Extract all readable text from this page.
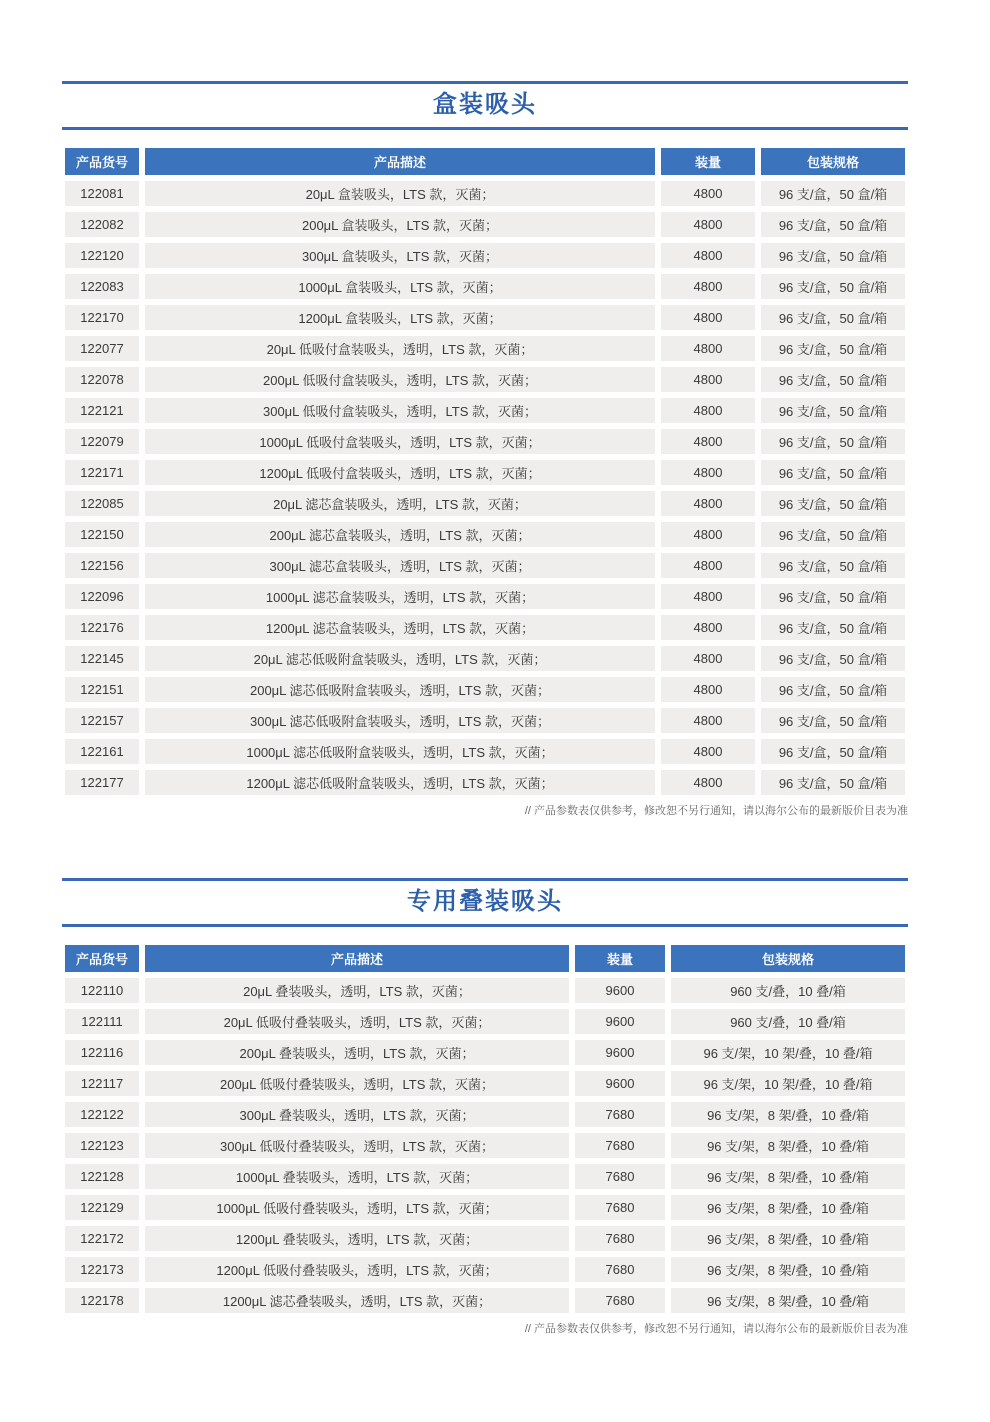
盒装吸头
产品货号	产品描述	装量	包装规格
122081	20μL 盒装吸头，LTS 款，灭菌；	4800	96 支/盒，50 盒/箱
122082	200μL 盒装吸头，LTS 款，灭菌；	4800	96 支/盒，50 盒/箱
122120	300μL 盒装吸头，LTS 款，灭菌；	4800	96 支/盒，50 盒/箱
122083	1000μL 盒装吸头，LTS 款，灭菌；	4800	96 支/盒，50 盒/箱
122170	1200μL 盒装吸头，LTS 款，灭菌；	4800	96 支/盒，50 盒/箱
122077	20μL 低吸付盒装吸头，透明，LTS 款，灭菌；	4800	96 支/盒，50 盒/箱
122078	200μL 低吸付盒装吸头，透明，LTS 款，灭菌；	4800	96 支/盒，50 盒/箱
122121	300μL 低吸付盒装吸头，透明，LTS 款，灭菌；	4800	96 支/盒，50 盒/箱
122079	1000μL 低吸付盒装吸头，透明，LTS 款，灭菌；	4800	96 支/盒，50 盒/箱
122171	1200μL 低吸付盒装吸头，透明，LTS 款，灭菌；	4800	96 支/盒，50 盒/箱
122085	20μL 滤芯盒装吸头，透明，LTS 款，灭菌；	4800	96 支/盒，50 盒/箱
122150	200μL 滤芯盒装吸头，透明，LTS 款，灭菌；	4800	96 支/盒，50 盒/箱
122156	300μL 滤芯盒装吸头，透明，LTS 款，灭菌；	4800	96 支/盒，50 盒/箱
122096	1000μL 滤芯盒装吸头，透明，LTS 款，灭菌；	4800	96 支/盒，50 盒/箱
122176	1200μL 滤芯盒装吸头，透明，LTS 款，灭菌；	4800	96 支/盒，50 盒/箱
122145	20μL 滤芯低吸附盒装吸头，透明，LTS 款，灭菌；	4800	96 支/盒，50 盒/箱
122151	200μL 滤芯低吸附盒装吸头，透明，LTS 款，灭菌；	4800	96 支/盒，50 盒/箱
122157	300μL 滤芯低吸附盒装吸头，透明，LTS 款，灭菌；	4800	96 支/盒，50 盒/箱
122161	1000μL 滤芯低吸附盒装吸头，透明，LTS 款，灭菌；	4800	96 支/盒，50 盒/箱
122177	1200μL 滤芯低吸附盒装吸头，透明，LTS 款，灭菌；	4800	96 支/盒，50 盒/箱
// 产品参数表仅供参考，修改恕不另行通知，请以海尔公布的最新版价目表为准
专用叠装吸头
产品货号	产品描述	装量	包装规格
122110	20μL 叠装吸头，透明，LTS 款，灭菌；	9600	960 支/叠，10 叠/箱
122111	20μL 低吸付叠装吸头，透明，LTS 款，灭菌；	9600	960 支/叠，10 叠/箱
122116	200μL 叠装吸头，透明，LTS 款，灭菌；	9600	96 支/架，10 架/叠，10 叠/箱
122117	200μL 低吸付叠装吸头，透明，LTS 款，灭菌；	9600	96 支/架，10 架/叠，10 叠/箱
122122	300μL 叠装吸头，透明，LTS 款，灭菌；	7680	96 支/架，8 架/叠，10 叠/箱
122123	300μL 低吸付叠装吸头，透明，LTS 款，灭菌；	7680	96 支/架，8 架/叠，10 叠/箱
122128	1000μL 叠装吸头，透明，LTS 款，灭菌；	7680	96 支/架，8 架/叠，10 叠/箱
122129	1000μL 低吸付叠装吸头，透明，LTS 款，灭菌；	7680	96 支/架，8 架/叠，10 叠/箱
122172	1200μL 叠装吸头，透明，LTS 款，灭菌；	7680	96 支/架，8 架/叠，10 叠/箱
122173	1200μL 低吸付叠装吸头，透明，LTS 款，灭菌；	7680	96 支/架，8 架/叠，10 叠/箱
122178	1200μL 滤芯叠装吸头，透明，LTS 款，灭菌；	7680	96 支/架，8 架/叠，10 叠/箱
// 产品参数表仅供参考，修改恕不另行通知，请以海尔公布的最新版价目表为准
